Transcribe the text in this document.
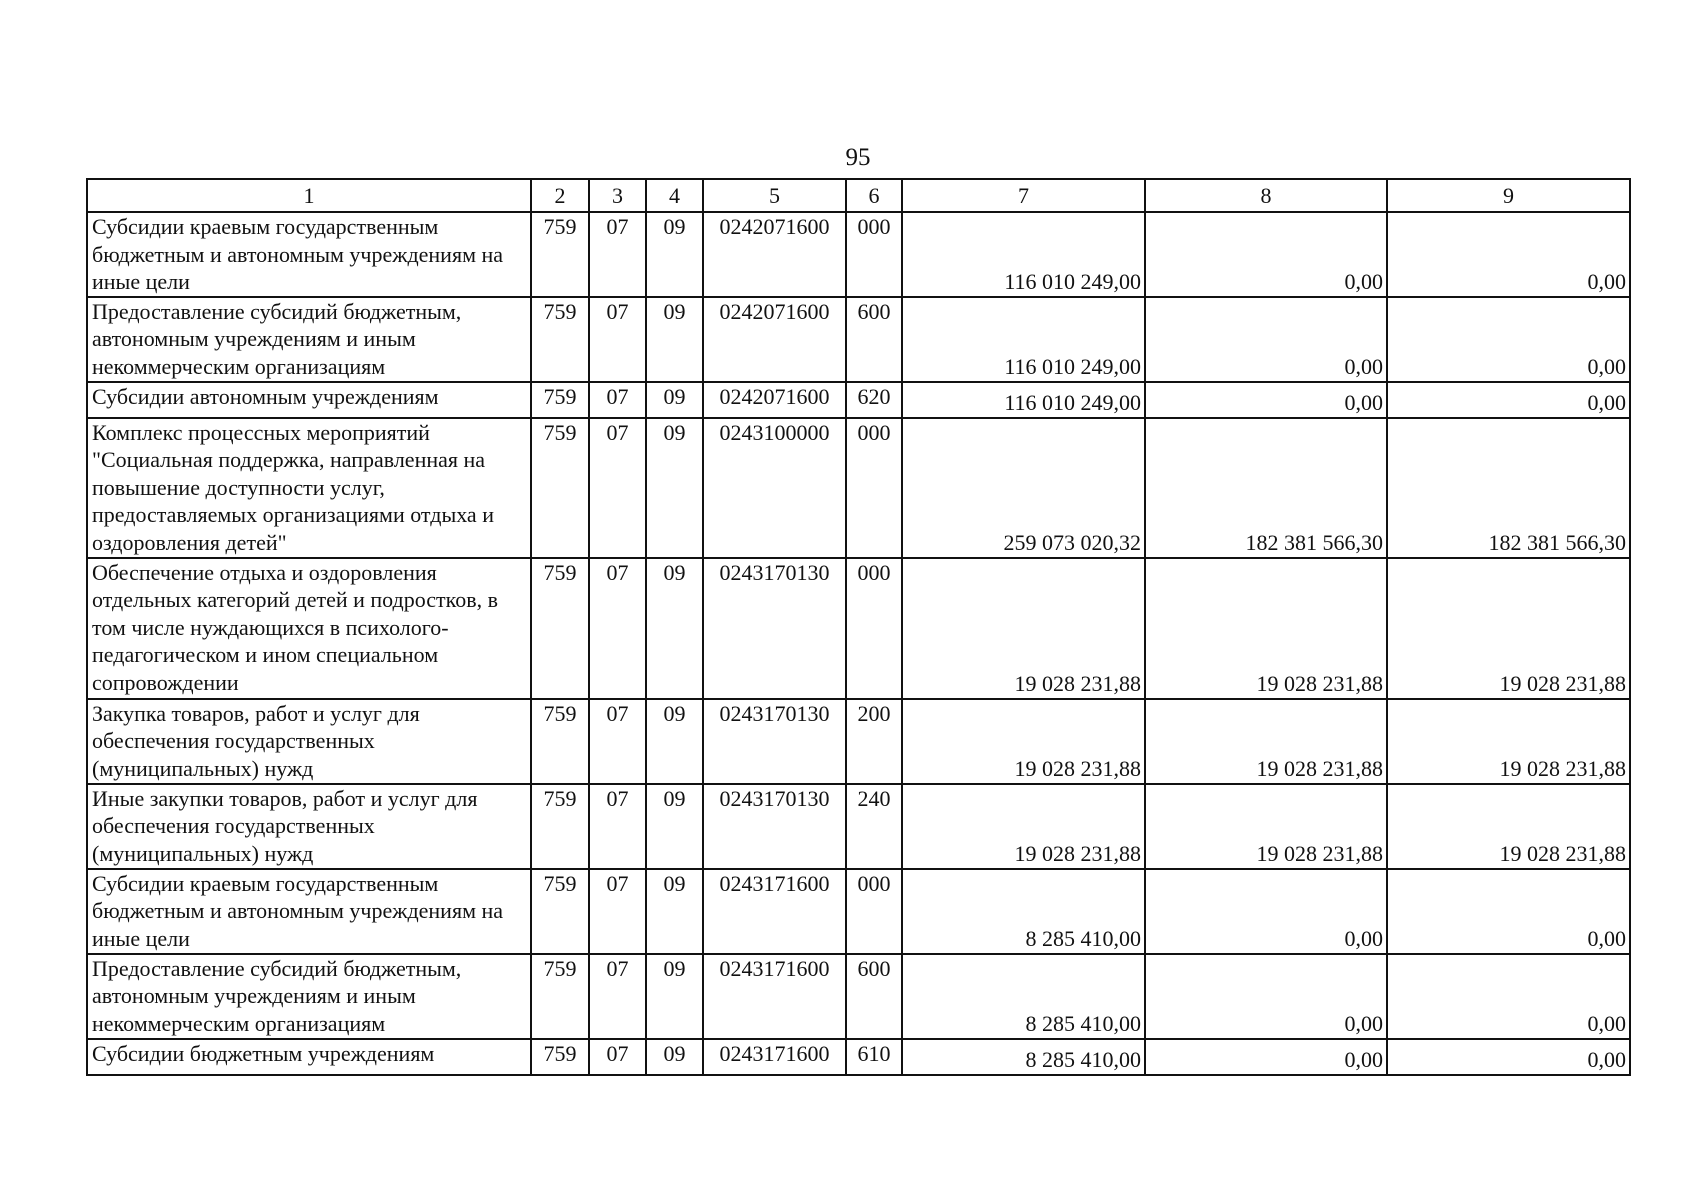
95
1	2	3	4	5	6	7	8	9
Субсидии краевым государственным бюджетным и автономным учреждениям на иные цели	759	07	09	0242071600	000	116 010 249,00	0,00	0,00
Предоставление субсидий бюджетным, автономным учреждениям и иным некоммерческим организациям	759	07	09	0242071600	600	116 010 249,00	0,00	0,00
Субсидии автономным учреждениям	759	07	09	0242071600	620	116 010 249,00	0,00	0,00
Комплекс процессных мероприятий "Социальная поддержка, направленная на повышение доступности услуг, предоставляемых организациями отдыха и оздоровления детей"	759	07	09	0243100000	000	259 073 020,32	182 381 566,30	182 381 566,30
Обеспечение отдыха и оздоровления отдельных категорий детей и подростков, в том числе нуждающихся в психолого-педагогическом и ином специальном сопровождении	759	07	09	0243170130	000	19 028 231,88	19 028 231,88	19 028 231,88
Закупка товаров, работ и услуг для обеспечения государственных (муниципальных) нужд	759	07	09	0243170130	200	19 028 231,88	19 028 231,88	19 028 231,88
Иные закупки товаров, работ и услуг для обеспечения государственных (муниципальных) нужд	759	07	09	0243170130	240	19 028 231,88	19 028 231,88	19 028 231,88
Субсидии краевым государственным бюджетным и автономным учреждениям на иные цели	759	07	09	0243171600	000	8 285 410,00	0,00	0,00
Предоставление субсидий бюджетным, автономным учреждениям и иным некоммерческим организациям	759	07	09	0243171600	600	8 285 410,00	0,00	0,00
Субсидии бюджетным учреждениям	759	07	09	0243171600	610	8 285 410,00	0,00	0,00
